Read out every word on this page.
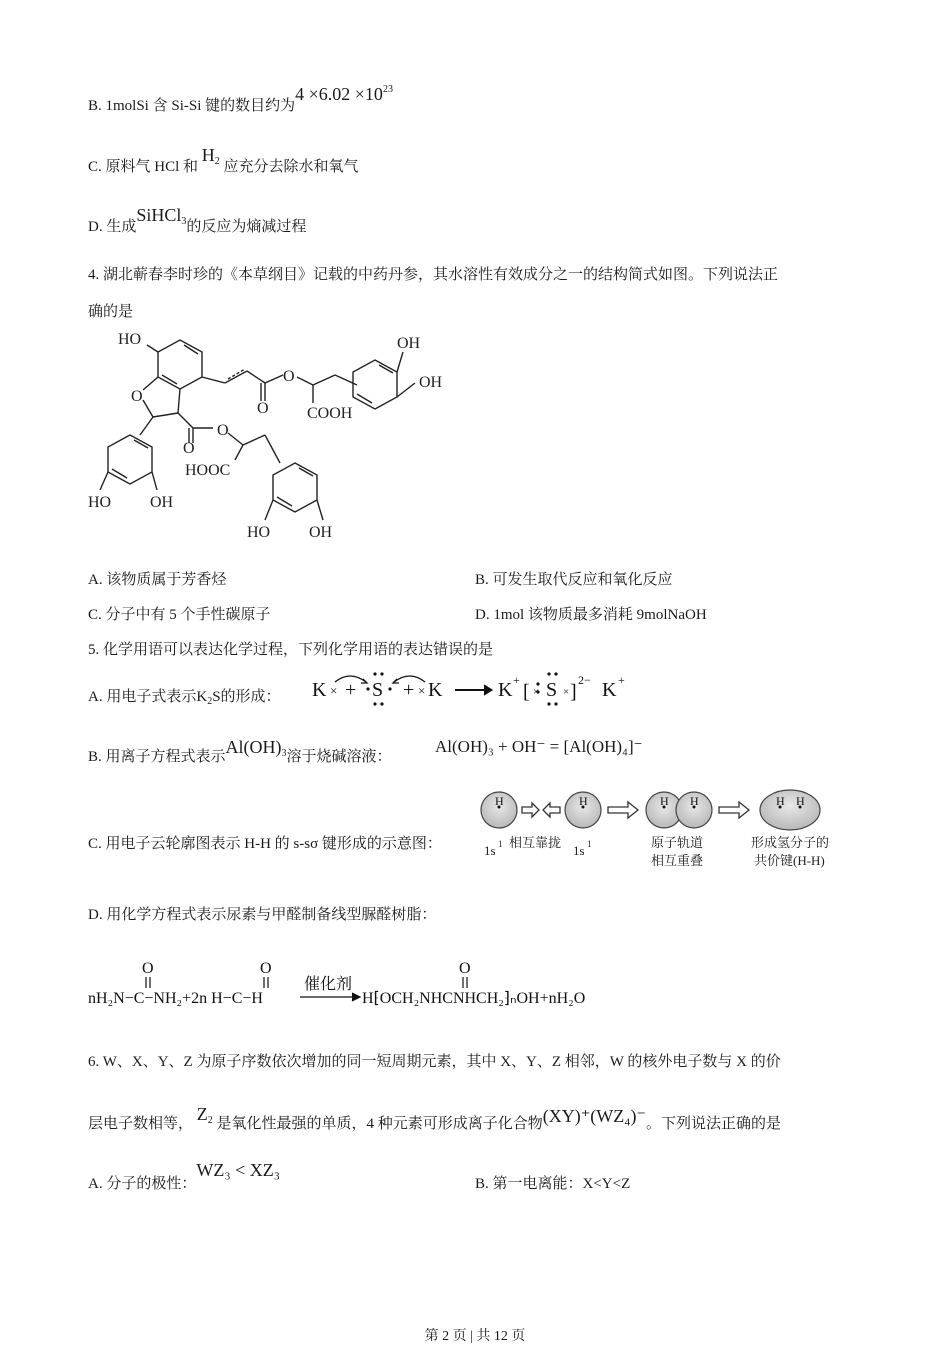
B. 1molSi 含 Si-Si 键的数目约为$4 \times 6.02 \times 10^{23}$
C. 原料气 HCl 和 $H^2$ 应充分去除水和氧气
D. 生成SiHCl$^3$的反应为熵减过程
4. 湖北蕲春李时珍的《本草纲目》记载的中药丹参，其水溶性有效成分之一的结构简式如图。下列说法正
确的是
HO
O
O
O COOH
OH
OH
O
O
HOOC
HO OH
HO OH
A. 该物质属于芳香烃	B. 可发生取代反应和氧化反应
C. 分子中有 5 个手性碳原子	D. 1mol 该物质最多消耗 9molNaOH
5. 化学用语可以表达化学过程，下列化学用语的表达错误的是
A. 用电子式表示$K_2S$的形成： K × + S + × K	K +
[ S ]
2− K +
× ×
B. 用离子方程式表示Al(OH)$^3$溶于烧碱溶液：
Al(OH)₃ + OH⁻ = [Al(OH)₄]⁻
C. 用电子云轮廓图表示 H-H 的 s-sσ 键形成的示意图：
H	H	H H	H H
1s 1 相互靠拢
1s 1	原子轨道
相互重叠
形成氢分子的
共价键(H-H)
D. 用化学方程式表示尿素与甲醛制备线型脲醛树脂：
nH₂N−C−NH₂+2n H−C−H
O	O
催化剂
H⁅OCH₂NHCNHCH₂⁆ₙOH+nH₂O
O
6. W、X、Y、Z 为原子序数依次增加的同一短周期元素，其中 X、Y、Z 相邻，W 的核外电子数与 X 的价
层电子数相等， $Z^2$ 是氧化性最强的单质，4 种元素可形成离子化合物(XY)⁺(WZ₄)⁻。下列说法正确的是
A. 分子的极性：WZ₃ < XZ₃
B. 第一电离能：X<Y<Z
第 2 页 | 共 12 页
